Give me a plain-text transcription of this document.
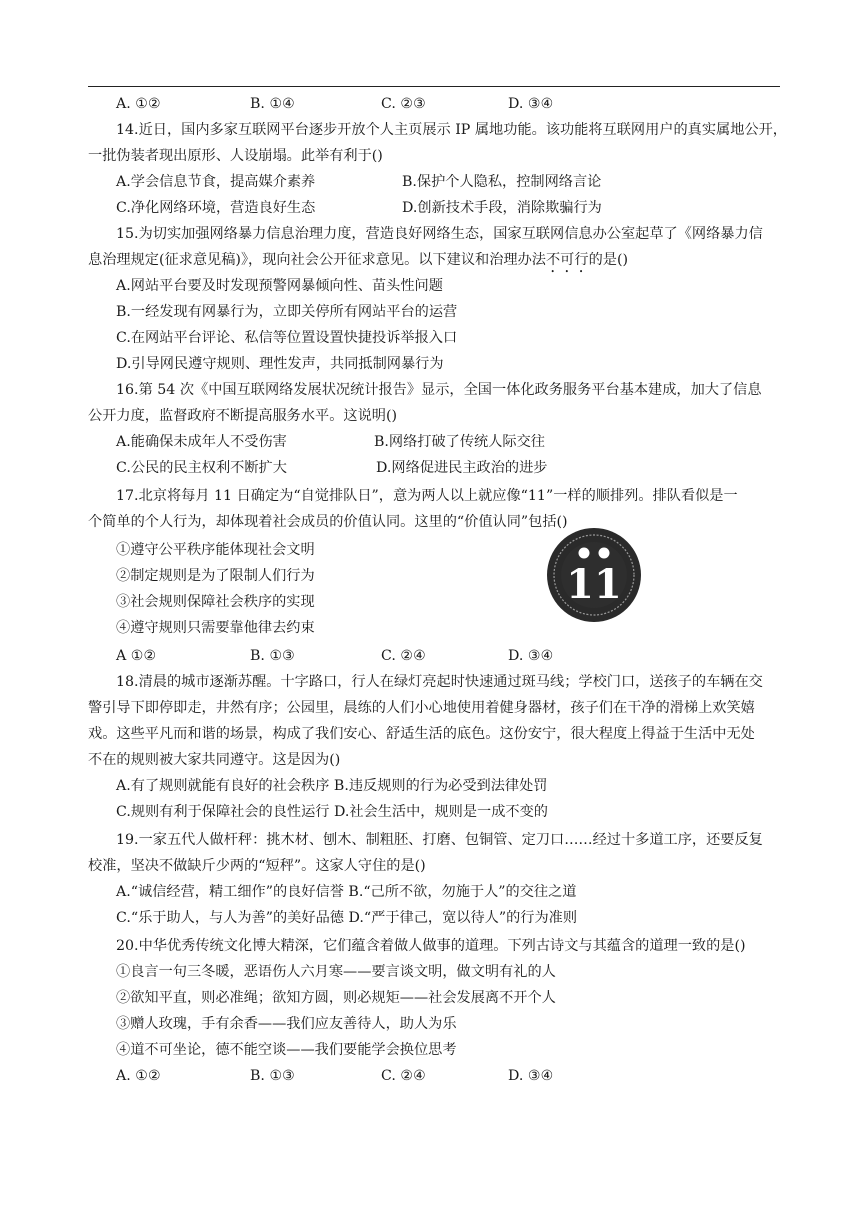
A. ①②	B. ①④	C. ②③	D. ③④
14.近日，国内多家互联网平台逐步开放个人主页展示 IP 属地功能。该功能将互联网用户的真实属地公开，
一批伪装者现出原形、人设崩塌。此举有利于()
A.学会信息节食，提高媒介素养	B.保护个人隐私，控制网络言论
C.净化网络环境，营造良好生态	D.创新技术手段，消除欺骗行为
15.为切实加强网络暴力信息治理力度，营造良好网络生态，国家互联网信息办公室起草了《网络暴力信
息治理规定(征求意见稿)》，现向社会公开征求意见。以下建议和治理办法不可行的是()
A.网站平台要及时发现预警网暴倾向性、苗头性问题
B.一经发现有网暴行为，立即关停所有网站平台的运营
C.在网站平台评论、私信等位置设置快捷投诉举报入口
D.引导网民遵守规则、理性发声，共同抵制网暴行为
16.第 54 次《中国互联网络发展状况统计报告》显示，全国一体化政务服务平台基本建成，加大了信息
公开力度，监督政府不断提高服务水平。这说明()
A.能确保未成年人不受伤害	B.网络打破了传统人际交往
C.公民的民主权利不断扩大	D.网络促进民主政治的进步
17.北京将每月 11 日确定为“自觉排队日”，意为两人以上就应像“11”一样的顺排列。排队看似是一
个简单的个人行为，却体现着社会成员的价值认同。这里的“价值认同”包括()
①遵守公平秩序能体现社会文明
②制定规则是为了限制人们行为
③社会规则保障社会秩序的实现
④遵守规则只需要靠他律去约束
A ①②	B. ①③	C. ②④	D. ③④
11
18.清晨的城市逐渐苏醒。十字路口，行人在绿灯亮起时快速通过斑马线；学校门口，送孩子的车辆在交
警引导下即停即走，井然有序；公园里，晨练的人们小心地使用着健身器材，孩子们在干净的滑梯上欢笑嬉
戏。这些平凡而和谐的场景，构成了我们安心、舒适生活的底色。这份安宁，很大程度上得益于生活中无处
不在的规则被大家共同遵守。这是因为()
A.有了规则就能有良好的社会秩序 B.违反规则的行为必受到法律处罚
C.规则有利于保障社会的良性运行 D.社会生活中，规则是一成不变的
19.一家五代人做杆秤：挑木材、刨木、制粗胚、打磨、包铜管、定刀口……经过十多道工序，还要反复
校准，坚决不做缺斤少两的“短秤”。这家人守住的是()
A.“诚信经营，精工细作”的良好信誉 B.“己所不欲，勿施于人”的交往之道
C.“乐于助人，与人为善”的美好品德 D.“严于律己，宽以待人”的行为准则
20.中华优秀传统文化博大精深，它们蕴含着做人做事的道理。下列古诗文与其蕴含的道理一致的是()
①良言一句三冬暖，恶语伤人六月寒——要言谈文明，做文明有礼的人
②欲知平直，则必准绳；欲知方圆，则必规矩——社会发展离不开个人
③赠人玫瑰，手有余香——我们应友善待人，助人为乐
④道不可坐论，德不能空谈——我们要能学会换位思考
A. ①②	B. ①③	C. ②④	D. ③④
